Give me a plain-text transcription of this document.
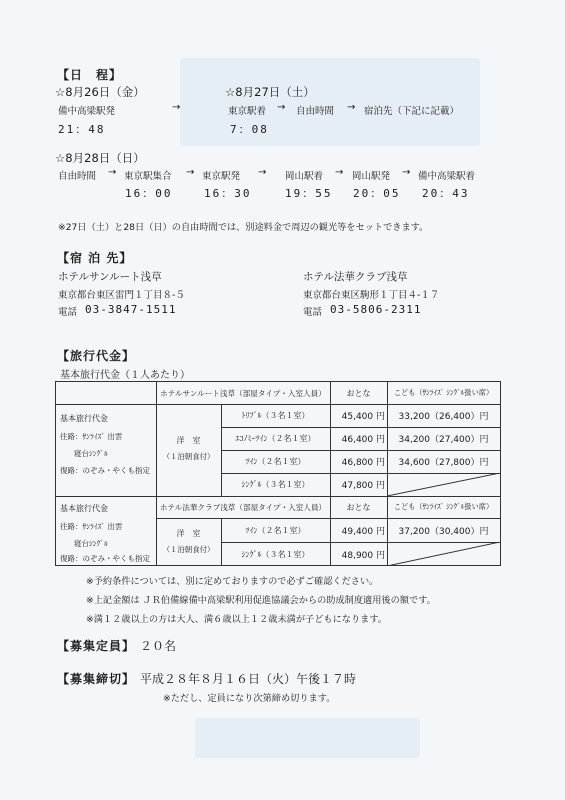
【日　程】
☆8月26日（金）	☆8月27日（土）
備中高梁駅発	→	東京駅着 → 自由時間 → 宿泊先（下記に記載）
21：48	7：08
☆8月28日（日）
自由時間 → 東京駅集合 → 東京駅発 → 岡山駅着 → 岡山駅発 → 備中高梁駅着
16：00	16：30	19：55 20：05 20：43
※27日（土）と28日（日）の自由時間では、別途料金で周辺の観光等をセットできます。
【宿 泊 先】
ホテルサンルート浅草
東京都台東区雷門１丁目８-５
電話 03-3847-1511
ホテル法華クラブ浅草
東京都台東区駒形１丁目４-１７
電話 03-5806-2311
【旅行代金】
基本旅行代金（１人あたり）
ホテルサンルート浅草（部屋タイプ・入室人員）	おとな	こども（ｻﾝﾗｲｽﾞ ｼﾝｸﾞﾙ扱い席）
基本旅行代金
往路：ｻﾝﾗｲｽﾞ 出雲
寝台ｼﾝｸﾞﾙ
復路：のぞみ・やくも指定
洋　室
（１泊朝食付）
ﾄﾘﾌﾟﾙ（３名１室）	45,400 円	33,200（26,400）円
ｴｺﾉﾐｰﾂｲﾝ（２名１室）	46,400 円	34,200（27,400）円
ﾂｲﾝ（２名１室）	46,800 円	34,600（27,800）円
ｼﾝｸﾞﾙ（３名１室）	47,800 円
ホテル法華クラブ浅草（部屋タイプ・入室人員）	おとな	こども（ｻﾝﾗｲｽﾞ ｼﾝｸﾞﾙ扱い席）
基本旅行代金
往路：ｻﾝﾗｲｽﾞ 出雲
寝台ｼﾝｸﾞﾙ
復路：のぞみ・やくも指定
洋　室
（１泊朝食付）
ﾂｲﾝ（２名１室）	49,400 円	37,200（30,400）円
ｼﾝｸﾞﾙ（３名１室）	48,900 円
※予約条件については、別に定めておりますので必ずご確認ください。
※上記金額は ＪＲ伯備線備中高梁駅利用促進協議会からの助成制度適用後の額です。
※満１２歳以上の方は大人、満６歳以上１２歳未満が子どもになります。
【募集定員】 ２０名
【募集締切】 平成２８年８月１６日（火）午後１７時
※ただし、定員になり次第締め切ります。
